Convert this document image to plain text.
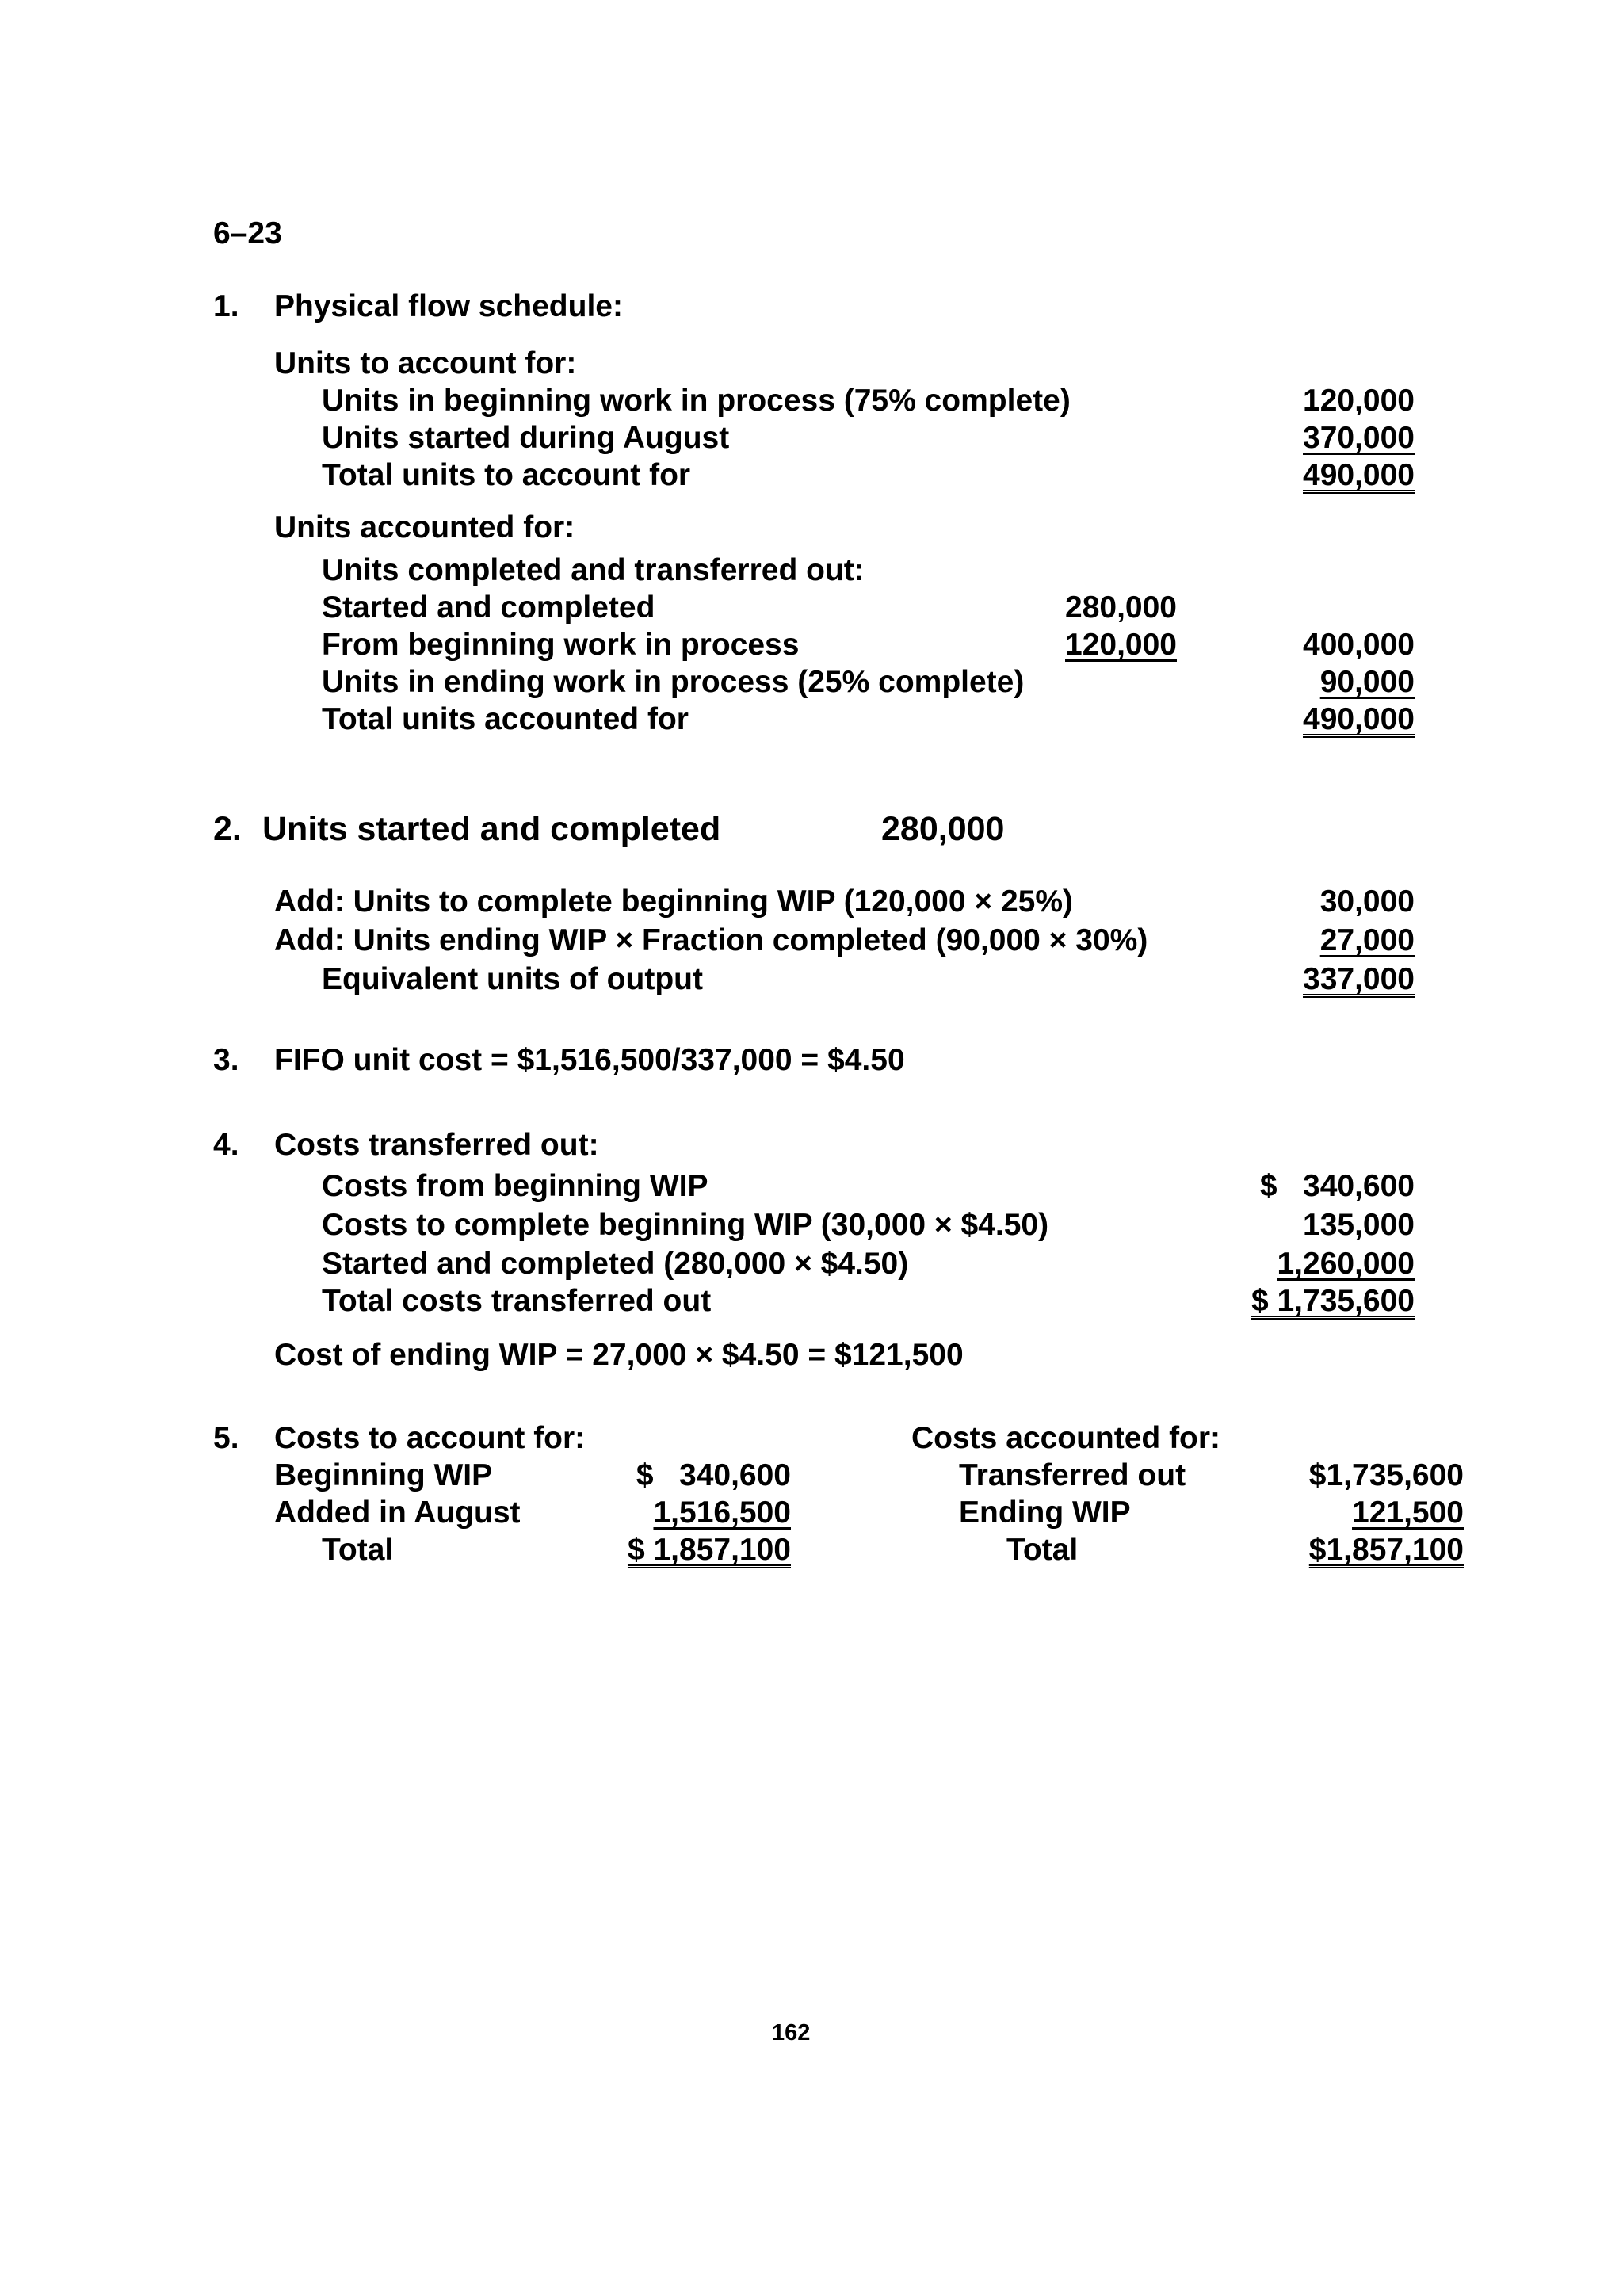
6–23

1. Physical flow schedule:

Units to account for:

Units in beginning work in process (75% complete)	120,000

Units started during August	370,000

Total units to account for	490,000

Units accounted for:

Units completed and transferred out:

Started and completed	280,000

From beginning work in process	120,000	400,000

Units in ending work in process (25% complete)	90,000

Total units accounted for	490,000

2. Units started and completed	280,000

Add: Units to complete beginning WIP (120,000 × 25%)	30,000

Add: Units ending WIP × Fraction completed (90,000 × 30%)	27,000

Equivalent units of output	337,000

3. FIFO unit cost = $1,516,500/337,000 = $4.50

4. Costs transferred out:

Costs from beginning WIP	$   340,600

Costs to complete beginning WIP (30,000 × $4.50)	135,000

Started and completed (280,000 × $4.50)	1,260,000

Total costs transferred out	$ 1,735,600

Cost of ending WIP = 27,000 × $4.50 = $121,500

5. Costs to account for:	Costs accounted for:

Beginning WIP	$   340,600	Transferred out	$1,735,600

Added in August	1,516,500	Ending WIP	121,500

Total	$ 1,857,100	Total	$1,857,100

162
